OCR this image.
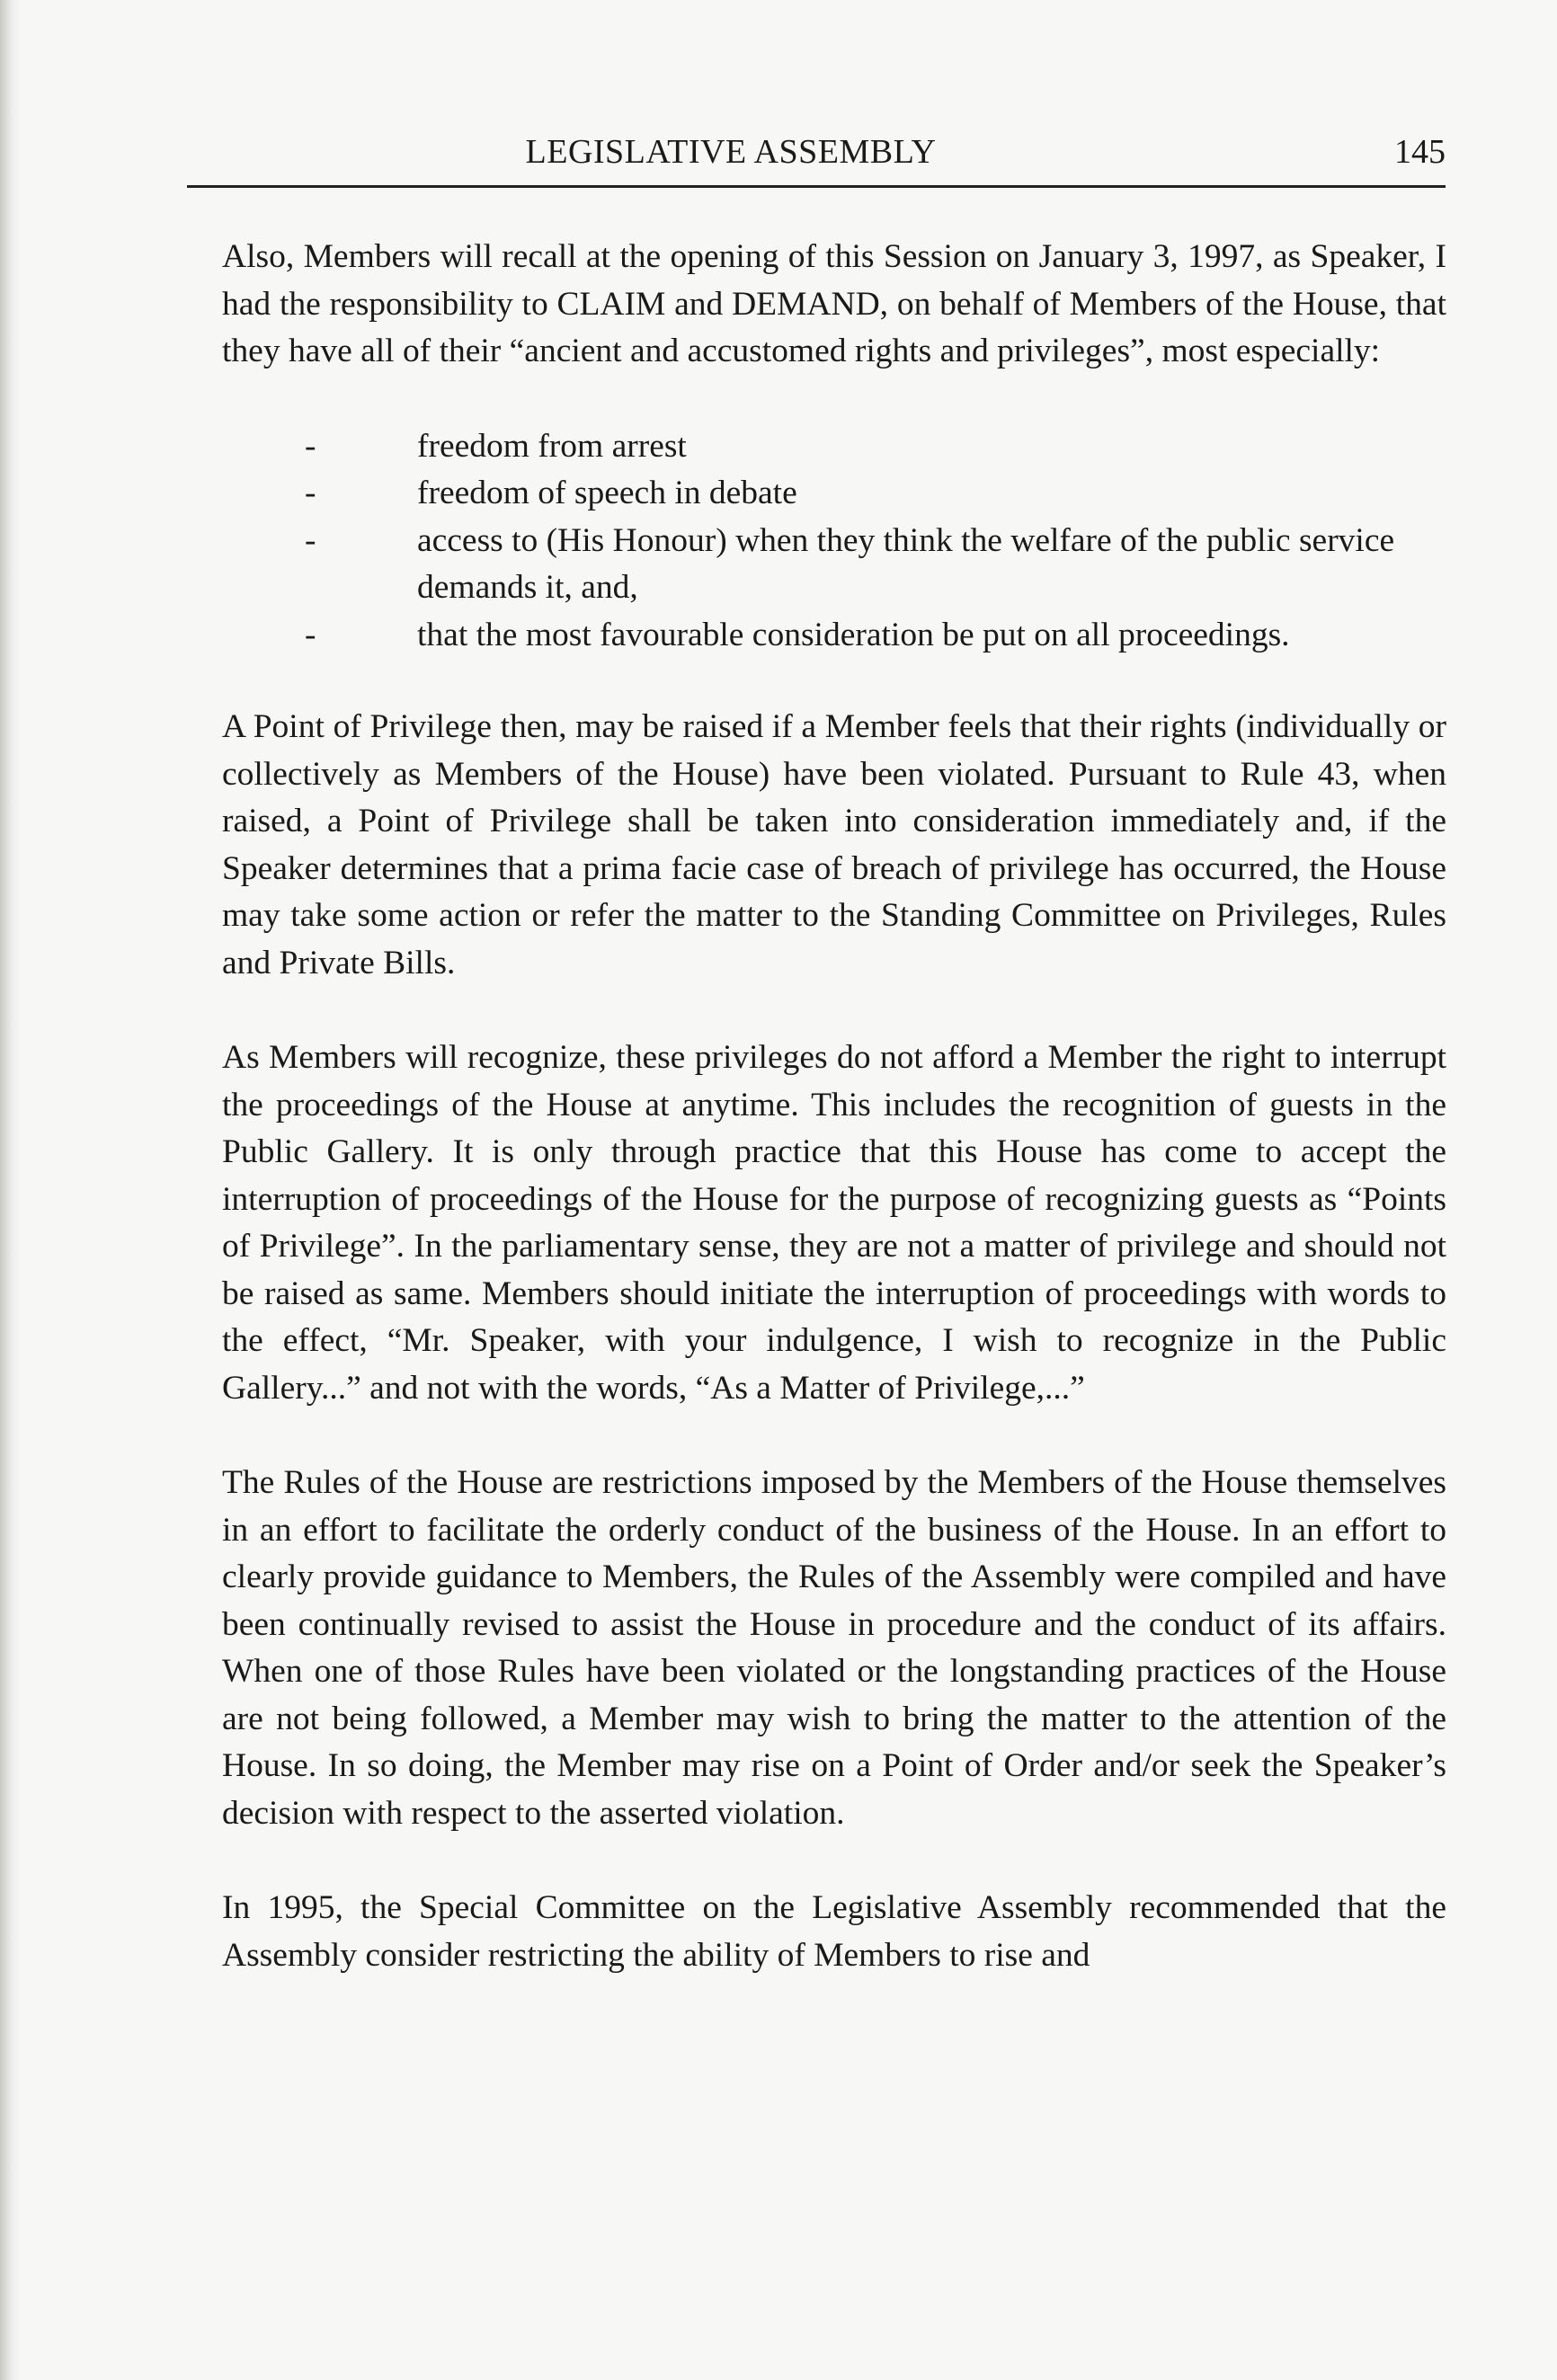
LEGISLATIVE ASSEMBLY	145

Also, Members will recall at the opening of this Session on January 3, 1997, as Speaker, I had the responsibility to CLAIM and DEMAND, on behalf of Members of the House, that they have all of their “ancient and accustomed rights and privileges”, most especially:

-	freedom from arrest
-	freedom of speech in debate
-	access to (His Honour) when they think the welfare of the public service demands it, and,
-	that the most favourable consideration be put on all proceedings.

A Point of Privilege then, may be raised if a Member feels that their rights (individually or collectively as Members of the House) have been violated. Pursuant to Rule 43, when raised, a Point of Privilege shall be taken into consideration immediately and, if the Speaker determines that a prima facie case of breach of privilege has occurred, the House may take some action or refer the matter to the Standing Committee on Privileges, Rules and Private Bills.

As Members will recognize, these privileges do not afford a Member the right to interrupt the proceedings of the House at anytime. This includes the recognition of guests in the Public Gallery. It is only through practice that this House has come to accept the interruption of proceedings of the House for the purpose of recognizing guests as “Points of Privilege”. In the parliamentary sense, they are not a matter of privilege and should not be raised as same. Members should initiate the interruption of proceedings with words to the effect, “Mr. Speaker, with your indulgence, I wish to recognize in the Public Gallery...” and not with the words, “As a Matter of Privilege,...”

The Rules of the House are restrictions imposed by the Members of the House themselves in an effort to facilitate the orderly conduct of the business of the House. In an effort to clearly provide guidance to Members, the Rules of the Assembly were compiled and have been continually revised to assist the House in procedure and the conduct of its affairs. When one of those Rules have been violated or the longstanding practices of the House are not being followed, a Member may wish to bring the matter to the attention of the House. In so doing, the Member may rise on a Point of Order and/or seek the Speaker’s decision with respect to the asserted violation.

In 1995, the Special Committee on the Legislative Assembly recommended that the Assembly consider restricting the ability of Members to rise and
